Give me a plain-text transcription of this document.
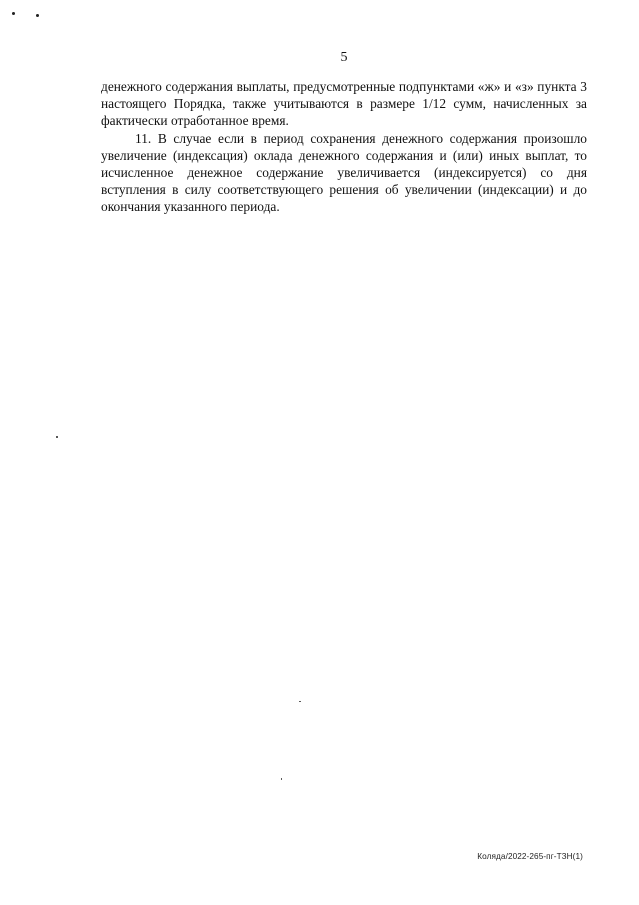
5

денежного содержания выплаты, предусмотренные подпунктами «ж» и «з» пункта 3 настоящего Порядка, также учитываются в размере 1/12 сумм, начисленных за фактически отработанное время.

11. В случае если в период сохранения денежного содержания произошло увеличение (индексация) оклада денежного содержания и (или) иных выплат, то исчисленное денежное содержание увеличивается (индексируется) со дня вступления в силу соответствующего решения об увеличении (индексации) и до окончания указанного периода.

Коляда/2022-265-пг-ТЗН(1)
